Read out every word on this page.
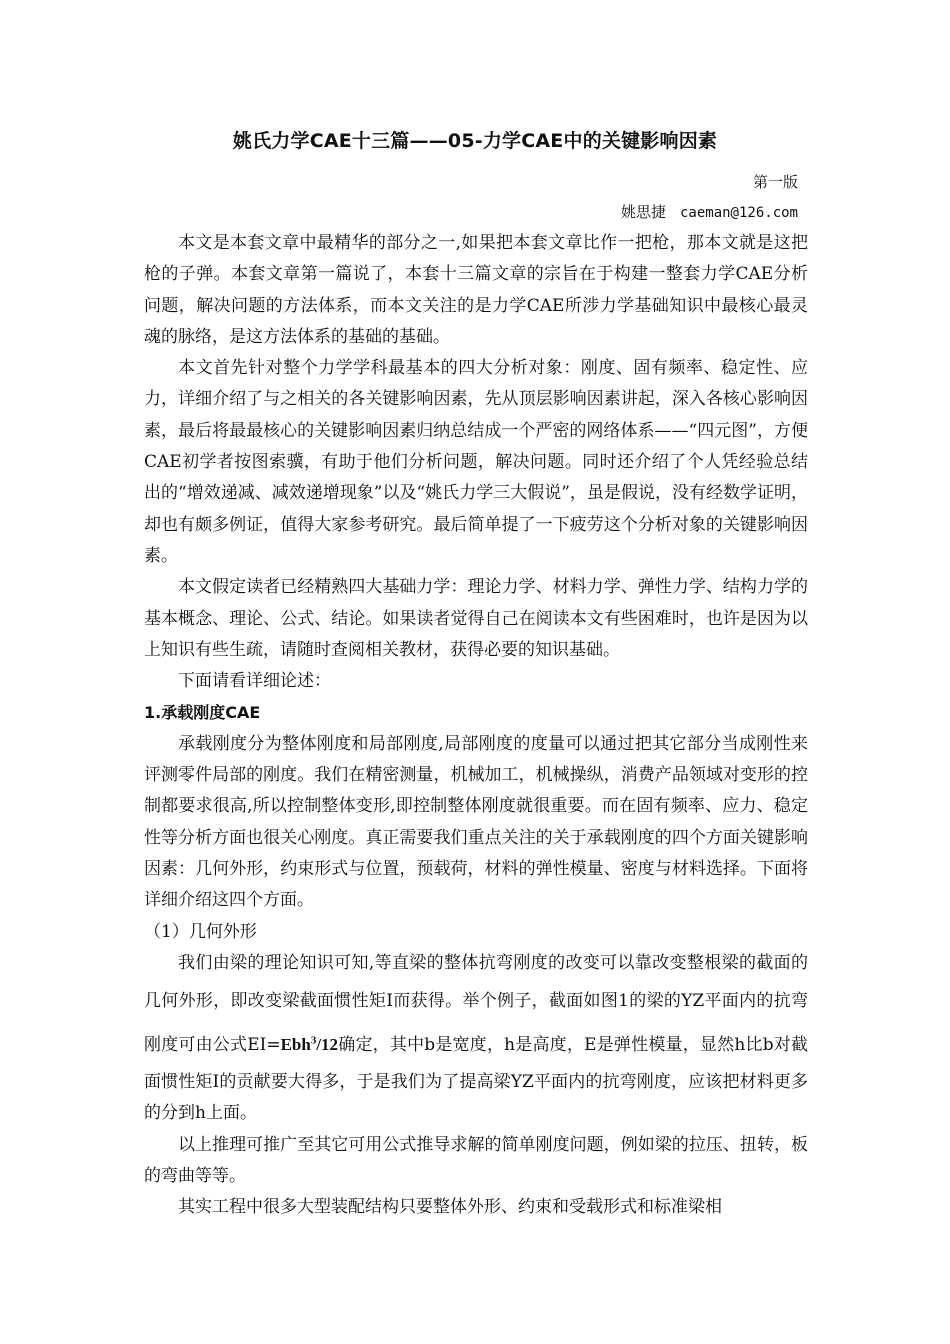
姚氏力学CAE十三篇——05-力学CAE中的关键影响因素
第一版
姚思捷 caeman@126.com

本文是本套文章中最精华的部分之一,如果把本套文章比作一把枪，那本文就是这把枪的子弹。本套文章第一篇说了，本套十三篇文章的宗旨在于构建一整套力学CAE分析问题，解决问题的方法体系，而本文关注的是力学CAE所涉力学基础知识中最核心最灵魂的脉络，是这方法体系的基础的基础。

本文首先针对整个力学学科最基本的四大分析对象：刚度、固有频率、稳定性、应力，详细介绍了与之相关的各关键影响因素，先从顶层影响因素讲起，深入各核心影响因素，最后将最最核心的关键影响因素归纳总结成一个严密的网络体系——“四元图”，方便CAE初学者按图索骥，有助于他们分析问题，解决问题。同时还介绍了个人凭经验总结出的“增效递减、减效递增现象”以及“姚氏力学三大假说”，虽是假说，没有经数学证明，却也有颇多例证，值得大家参考研究。最后简单提了一下疲劳这个分析对象的关键影响因素。

本文假定读者已经精熟四大基础力学：理论力学、材料力学、弹性力学、结构力学的基本概念、理论、公式、结论。如果读者觉得自己在阅读本文有些困难时，也许是因为以上知识有些生疏，请随时查阅相关教材，获得必要的知识基础。

下面请看详细论述：

1.承载刚度CAE

承载刚度分为整体刚度和局部刚度,局部刚度的度量可以通过把其它部分当成刚性来评测零件局部的刚度。我们在精密测量，机械加工，机械操纵，消费产品领域对变形的控制都要求很高,所以控制整体变形,即控制整体刚度就很重要。而在固有频率、应力、稳定性等分析方面也很关心刚度。真正需要我们重点关注的关于承载刚度的四个方面关键影响因素：几何外形，约束形式与位置，预载荷，材料的弹性模量、密度与材料选择。下面将详细介绍这四个方面。

（1）几何外形

我们由梁的理论知识可知,等直梁的整体抗弯刚度的改变可以靠改变整根梁的截面的几何外形，即改变梁截面惯性矩I而获得。举个例子，截面如图1的梁的YZ平面内的抗弯刚度可由公式EI=Ebh$^3$/12确定，其中b是宽度，h是高度，E是弹性模量，显然h比b对截面惯性矩I的贡献要大得多，于是我们为了提高梁YZ平面内的抗弯刚度，应该把材料更多的分到h上面。

以上推理可推广至其它可用公式推导求解的简单刚度问题，例如梁的拉压、扭转，板的弯曲等等。

其实工程中很多大型装配结构只要整体外形、约束和受载形式和标准梁相
